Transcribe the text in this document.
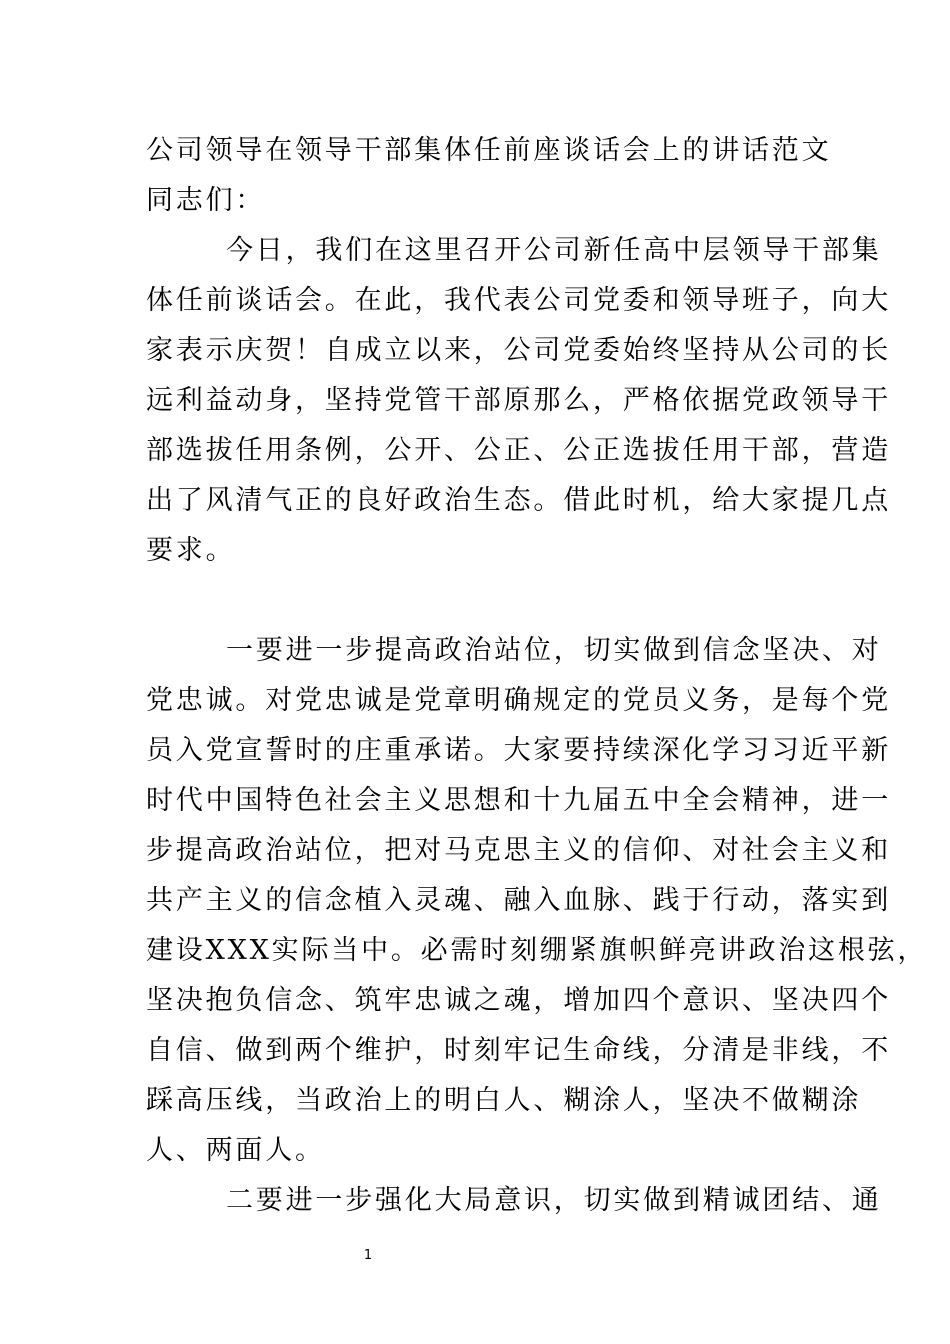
公司领导在领导干部集体任前座谈话会上的讲话范文
同志们：
今日，我们在这里召开公司新任高中层领导干部集
体任前谈话会。在此，我代表公司党委和领导班子，向大
家表示庆贺！自成立以来，公司党委始终坚持从公司的长
远利益动身，坚持党管干部原那么，严格依据党政领导干
部选拔任用条例，公开、公正、公正选拔任用干部，营造
出了风清气正的良好政治生态。借此时机，给大家提几点
要求。
一要进一步提高政治站位，切实做到信念坚决、对
党忠诚。对党忠诚是党章明确规定的党员义务，是每个党
员入党宣誓时的庄重承诺。大家要持续深化学习习近平新
时代中国特色社会主义思想和十九届五中全会精神，进一
步提高政治站位，把对马克思主义的信仰、对社会主义和
共产主义的信念植入灵魂、融入血脉、践于行动，落实到
建设XXX实际当中。必需时刻绷紧旗帜鲜亮讲政治这根弦，
坚决抱负信念、筑牢忠诚之魂，增加四个意识、坚决四个
自信、做到两个维护，时刻牢记生命线，分清是非线，不
踩高压线，当政治上的明白人、糊涂人，坚决不做糊涂
人、两面人。
二要进一步强化大局意识，切实做到精诚团结、通
1
